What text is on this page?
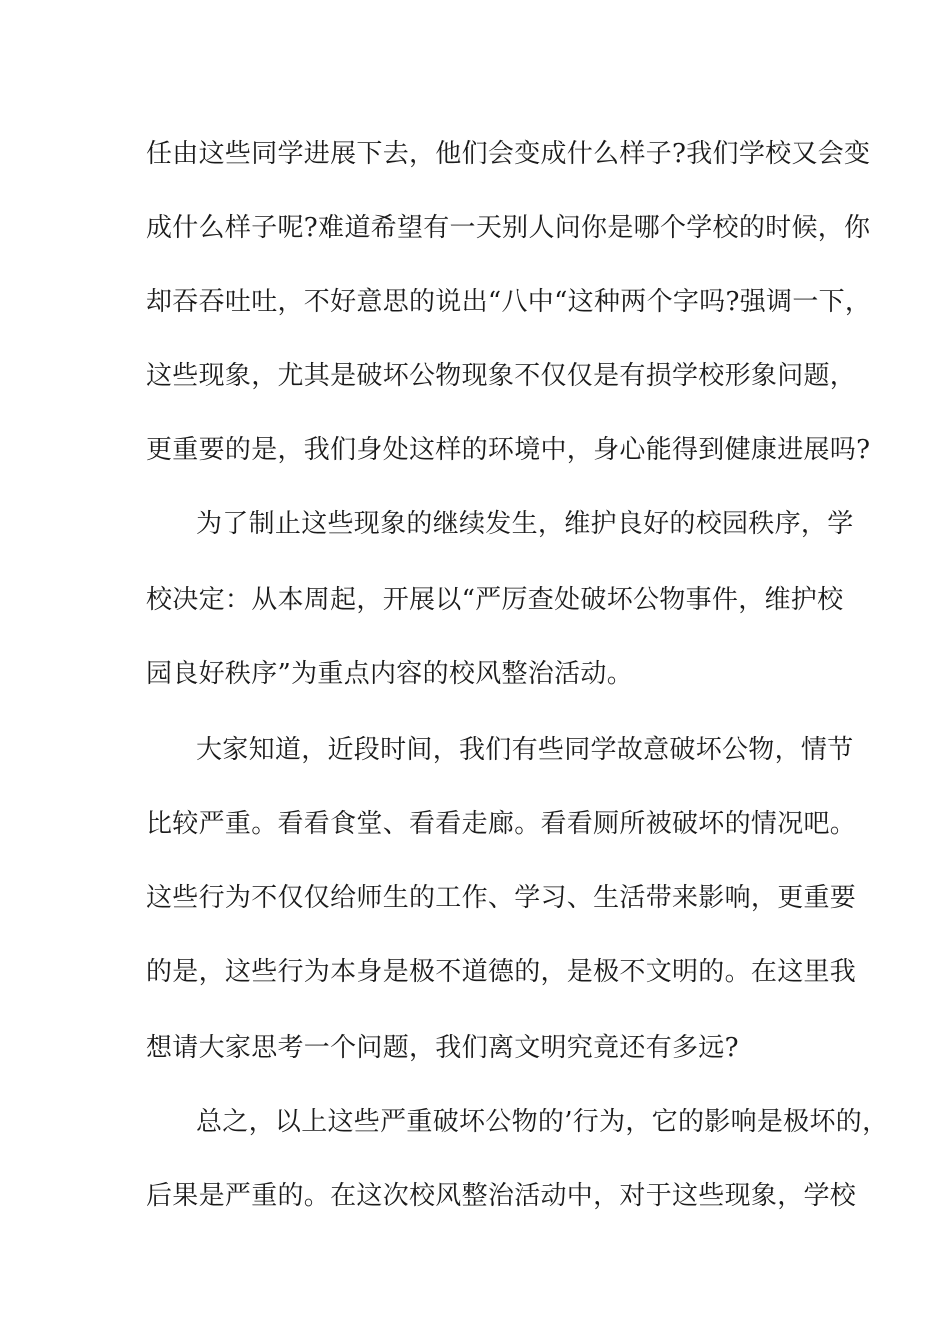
任由这些同学进展下去，他们会变成什么样子?我们学校又会变
成什么样子呢?难道希望有一天别人问你是哪个学校的时候，你
却吞吞吐吐，不好意思的说出“八中“这种两个字吗?强调一下，
这些现象，尤其是破坏公物现象不仅仅是有损学校形象问题，
更重要的是，我们身处这样的环境中，身心能得到健康进展吗?
为了制止这些现象的继续发生，维护良好的校园秩序，学
校决定：从本周起，开展以“严厉查处破坏公物事件，维护校
园良好秩序”为重点内容的校风整治活动。
大家知道，近段时间，我们有些同学故意破坏公物，情节
比较严重。看看食堂、看看走廊。看看厕所被破坏的情况吧。
这些行为不仅仅给师生的工作、学习、生活带来影响，更重要
的是，这些行为本身是极不道德的，是极不文明的。在这里我
想请大家思考一个问题，我们离文明究竟还有多远?
总之，以上这些严重破坏公物的’行为，它的影响是极坏的，
后果是严重的。在这次校风整治活动中，对于这些现象，学校
